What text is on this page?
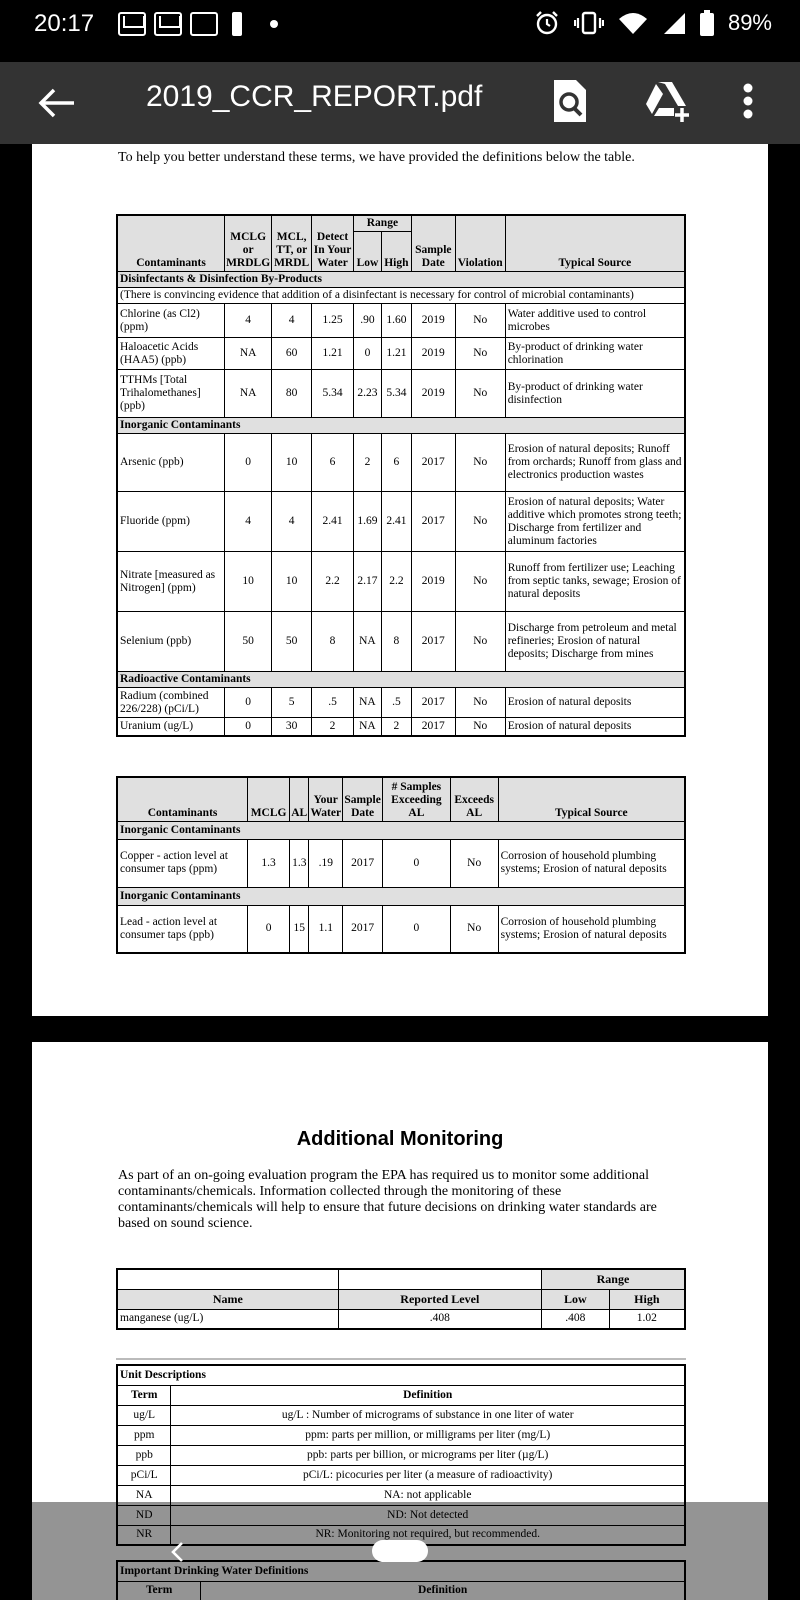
20:17	89%
2019_CCR_REPORT.pdf
To help you better understand these terms, we have provided the definitions below the table.
Contaminants	MCLG or MRDLG	MCL, TT, or MRDL	Detect In Your Water	Range		Sample Date	Violation	Typical Source
				Low	High			
Disinfectants & Disinfection By-Products								
(There is convincing evidence that addition of a disinfectant is necessary for control of microbial contaminants)								
Chlorine (as Cl2) (ppm)	4	4	1.25	.90	1.60	2019	No	Water additive used to control microbes
Haloacetic Acids (HAA5) (ppb)	NA	60	1.21	0	1.21	2019	No	By-product of drinking water chlorination
TTHMs [Total Trihalomethanes] (ppb)	NA	80	5.34	2.23	5.34	2019	No	By-product of drinking water disinfection
Inorganic Contaminants								
Arsenic (ppb)	0	10	6	2	6	2017	No	Erosion of natural deposits; Runoff from orchards; Runoff from glass and electronics production wastes
Fluoride (ppm)	4	4	2.41	1.69	2.41	2017	No	Erosion of natural deposits; Water additive which promotes strong teeth; Discharge from fertilizer and aluminum factories
Nitrate [measured as Nitrogen] (ppm)	10	10	2.2	2.17	2.2	2019	No	Runoff from fertilizer use; Leaching from septic tanks, sewage; Erosion of natural deposits
Selenium (ppb)	50	50	8	NA	8	2017	No	Discharge from petroleum and metal refineries; Erosion of natural deposits; Discharge from mines
Radioactive Contaminants								
Radium (combined 226/228) (pCi/L)	0	5	.5	NA	.5	2017	No	Erosion of natural deposits
Uranium (ug/L)	0	30	2	NA	2	2017	No	Erosion of natural deposits
Contaminants	MCLG	AL	Your Water	Sample Date	# Samples Exceeding AL	Exceeds AL	Typical Source
Inorganic Contaminants							
Copper - action level at consumer taps (ppm)	1.3	1.3	.19	2017	0	No	Corrosion of household plumbing systems; Erosion of natural deposits
Inorganic Contaminants							
Lead - action level at consumer taps (ppb)	0	15	1.1	2017	0	No	Corrosion of household plumbing systems; Erosion of natural deposits
Additional Monitoring
As part of an on-going evaluation program the EPA has required us to monitor some additional contaminants/chemicals. Information collected through the monitoring of these contaminants/chemicals will help to ensure that future decisions on drinking water standards are based on sound science.
		Range	
Name	Reported Level	Low	High
manganese (ug/L)	.408	.408	1.02
Unit Descriptions	
Term	Definition
ug/L	ug/L : Number of micrograms of substance in one liter of water
ppm	ppm: parts per million, or milligrams per liter (mg/L)
ppb	ppb: parts per billion, or micrograms per liter (µg/L)
pCi/L	pCi/L: picocuries per liter (a measure of radioactivity)
NA	NA: not applicable
ND	ND: Not detected
NR	NR: Monitoring not required, but recommended.
Important Drinking Water Definitions
Term	Definition
